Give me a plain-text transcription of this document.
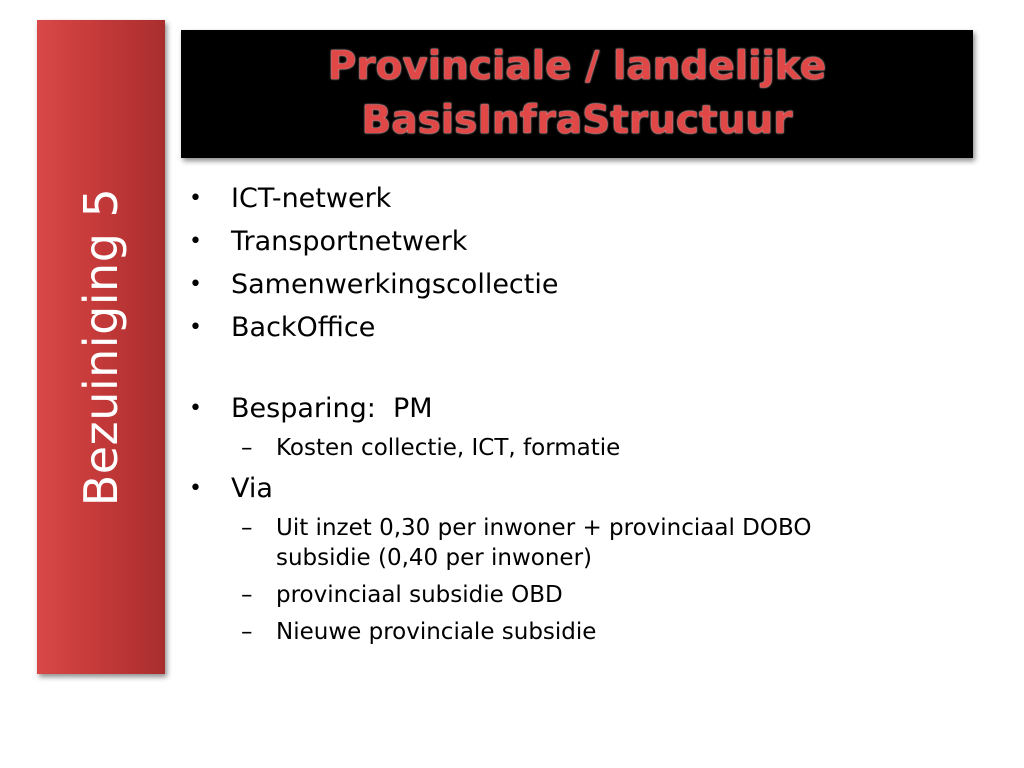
Bezuiniging 5
Provinciale / landelijke
BasisInfraStructuur
• ICT-netwerk
• Transportnetwerk
• Samenwerkingscollectie
• BackOffice
• Besparing:  PM
– Kosten collectie, ICT, formatie
• Via
– Uit inzet 0,30 per inwoner + provinciaal DOBO subsidie (0,40 per inwoner)
– provinciaal subsidie OBD
– Nieuwe provinciale subsidie
